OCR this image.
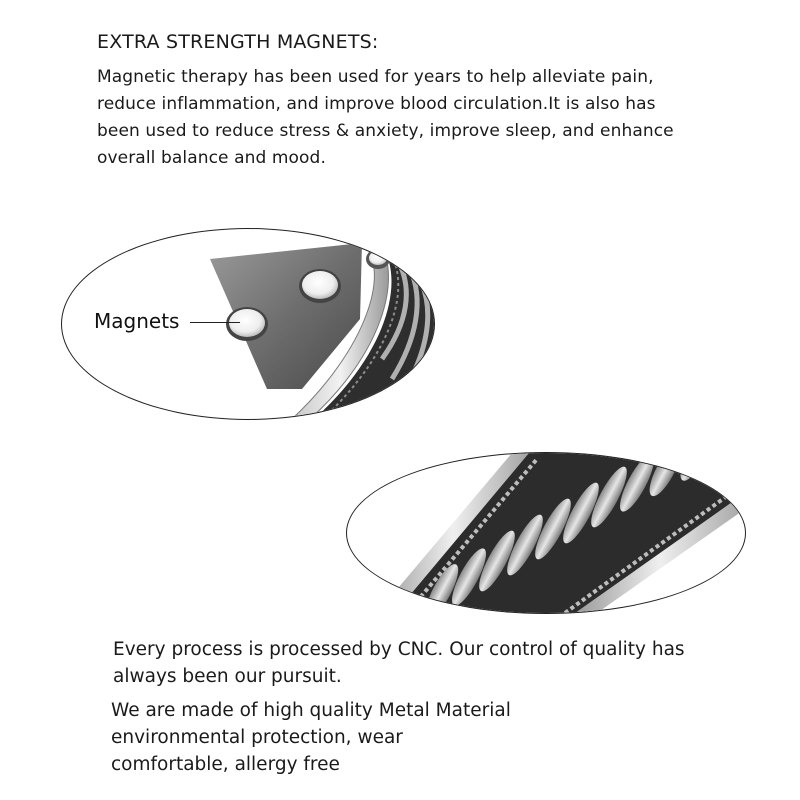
EXTRA STRENGTH MAGNETS:
Magnetic therapy has been used for years to help alleviate pain,
reduce inflammation, and improve blood circulation.It is also has
been used to reduce stress & anxiety, improve sleep, and enhance
overall balance and mood.
Magnets
Every process is processed by CNC. Our control of quality has
always been our pursuit.
We are made of high quality Metal Material
environmental protection, wear
comfortable, allergy free
